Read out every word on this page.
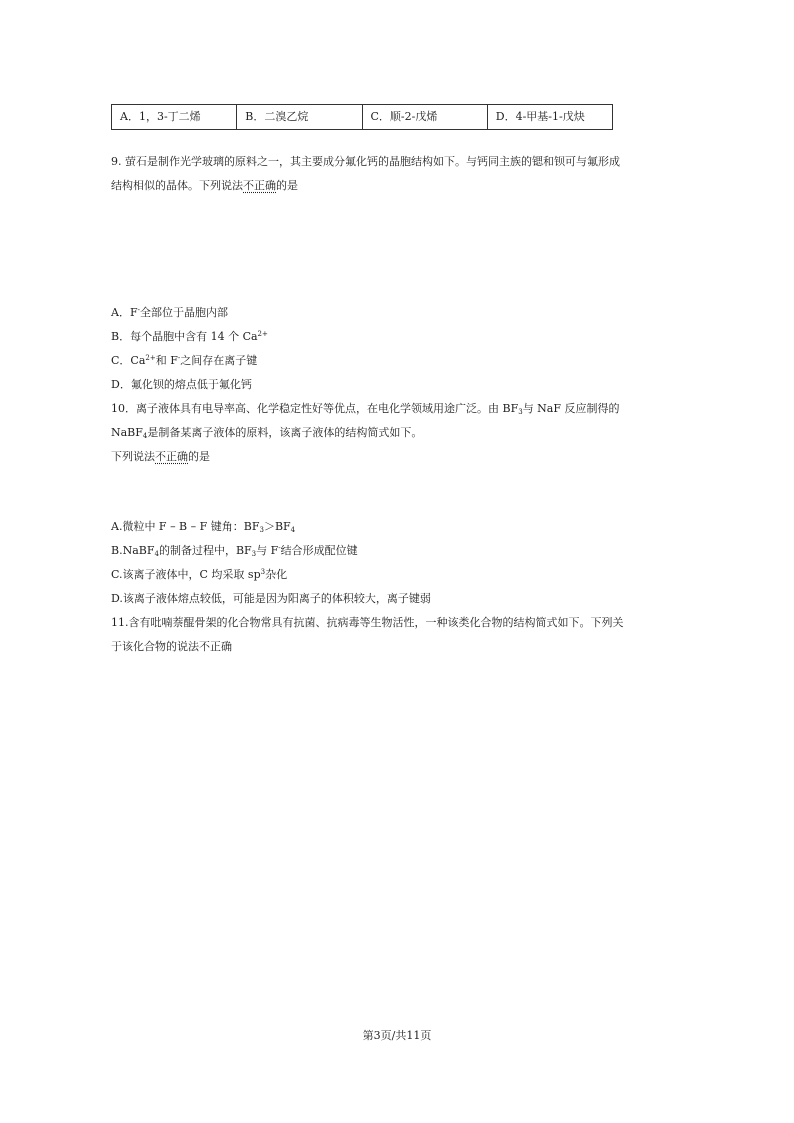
A．1，3-丁二烯	B．二溴乙烷	C．顺-2-戊烯	D．4-甲基-1-戊炔
9. 萤石是制作光学玻璃的原料之一，其主要成分氟化钙的晶胞结构如下。与钙同主族的锶和钡可与氟形成
结构相似的晶体。下列说法不正确的是
A．F-全部位于晶胞内部
B．每个晶胞中含有 14 个 $Ca^{2+}$
C．$Ca^{2+}$和 F-之间存在离子键
D．氟化钡的熔点低于氟化钙
10．离子液体具有电导率高、化学稳定性好等优点，在电化学领域用途广泛。由 $BF_3$与 NaF 反应制得的
NaBF$_4$是制备某离子液体的原料，该离子液体的结构简式如下。
下列说法不正确的是
A.微粒中 F – B – F 键角：$BF_3>BF_4$
B.NaBF$_4$的制备过程中，$BF_3$与 F-结合形成配位键
C.该离子液体中，C 均采取 $sp^3$杂化
D.该离子液体熔点较低，可能是因为阳离子的体积较大，离子键弱
11.含有吡喃萘醌骨架的化合物常具有抗菌、抗病毒等生物活性，一种该类化合物的结构简式如下。下列关
于该化合物的说法不正确
第3页/共11页
